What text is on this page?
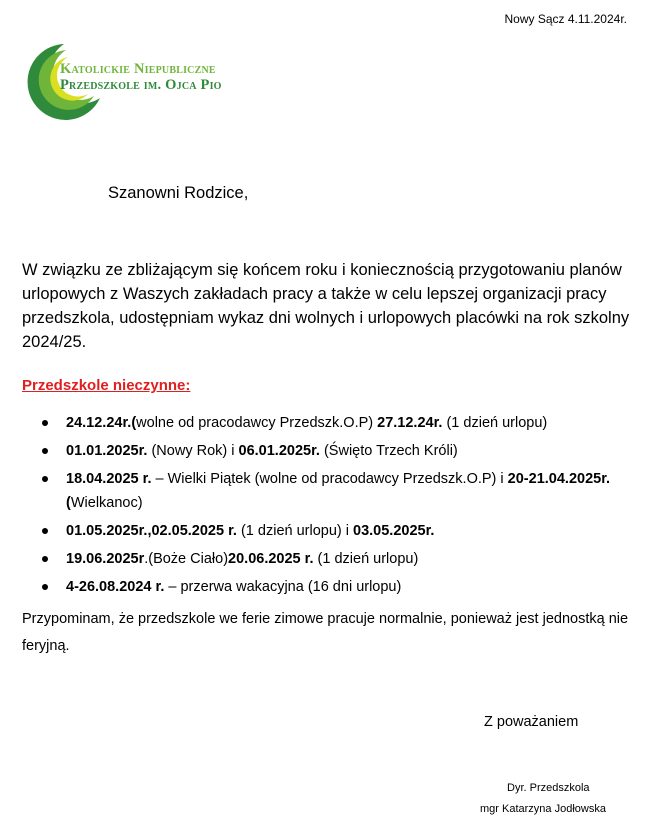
Nowy Sącz 4.11.2024r.
Katolickie Niepubliczne
Przedszkole im. Ojca Pio
Szanowni Rodzice,

W związku ze zbliżającym się końcem roku i koniecznością przygotowaniu planów urlopowych z Waszych zakładach pracy a także w celu lepszej organizacji pracy przedszkola, udostępniam wykaz dni wolnych i urlopowych placówki na rok szkolny 2024/25.

Przedszkole nieczynne:
24.12.24r.(wolne od pracodawcy Przedszk.O.P) 27.12.24r. (1 dzień urlopu)
01.01.2025r. (Nowy Rok) i 06.01.2025r. (Święto Trzech Króli)
18.04.2025 r. – Wielki Piątek (wolne od pracodawcy Przedszk.O.P) i 20-21.04.2025r.(Wielkanoc)
01.05.2025r.,02.05.2025 r. (1 dzień urlopu) i 03.05.2025r.
19.06.2025r.(Boże Ciało)20.06.2025 r. (1 dzień urlopu)
4-26.08.2024 r. – przerwa wakacyjna (16 dni urlopu)

Przypominam, że przedszkole we ferie zimowe pracuje normalnie, ponieważ jest jednostką nie feryjną.

Z poważaniem
Dyr. Przedszkola
mgr Katarzyna Jodłowska
